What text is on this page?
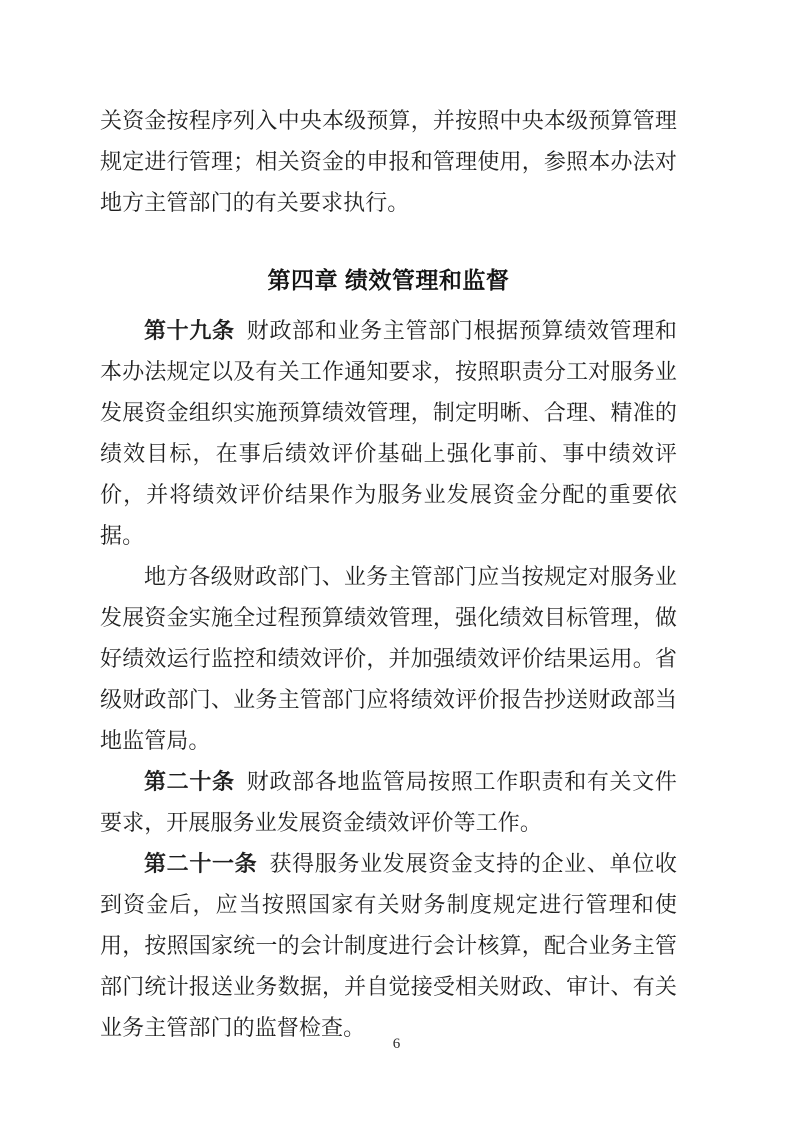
关资金按程序列入中央本级预算，并按照中央本级预算管理规定进行管理；相关资金的申报和管理使用，参照本办法对地方主管部门的有关要求执行。

第四章 绩效管理和监督

第十九条 财政部和业务主管部门根据预算绩效管理和本办法规定以及有关工作通知要求，按照职责分工对服务业发展资金组织实施预算绩效管理，制定明晰、合理、精准的绩效目标，在事后绩效评价基础上强化事前、事中绩效评价，并将绩效评价结果作为服务业发展资金分配的重要依据。

地方各级财政部门、业务主管部门应当按规定对服务业发展资金实施全过程预算绩效管理，强化绩效目标管理，做好绩效运行监控和绩效评价，并加强绩效评价结果运用。省级财政部门、业务主管部门应将绩效评价报告抄送财政部当地监管局。

第二十条 财政部各地监管局按照工作职责和有关文件要求，开展服务业发展资金绩效评价等工作。

第二十一条 获得服务业发展资金支持的企业、单位收到资金后，应当按照国家有关财务制度规定进行管理和使用，按照国家统一的会计制度进行会计核算，配合业务主管部门统计报送业务数据，并自觉接受相关财政、审计、有关业务主管部门的监督检查。

6
